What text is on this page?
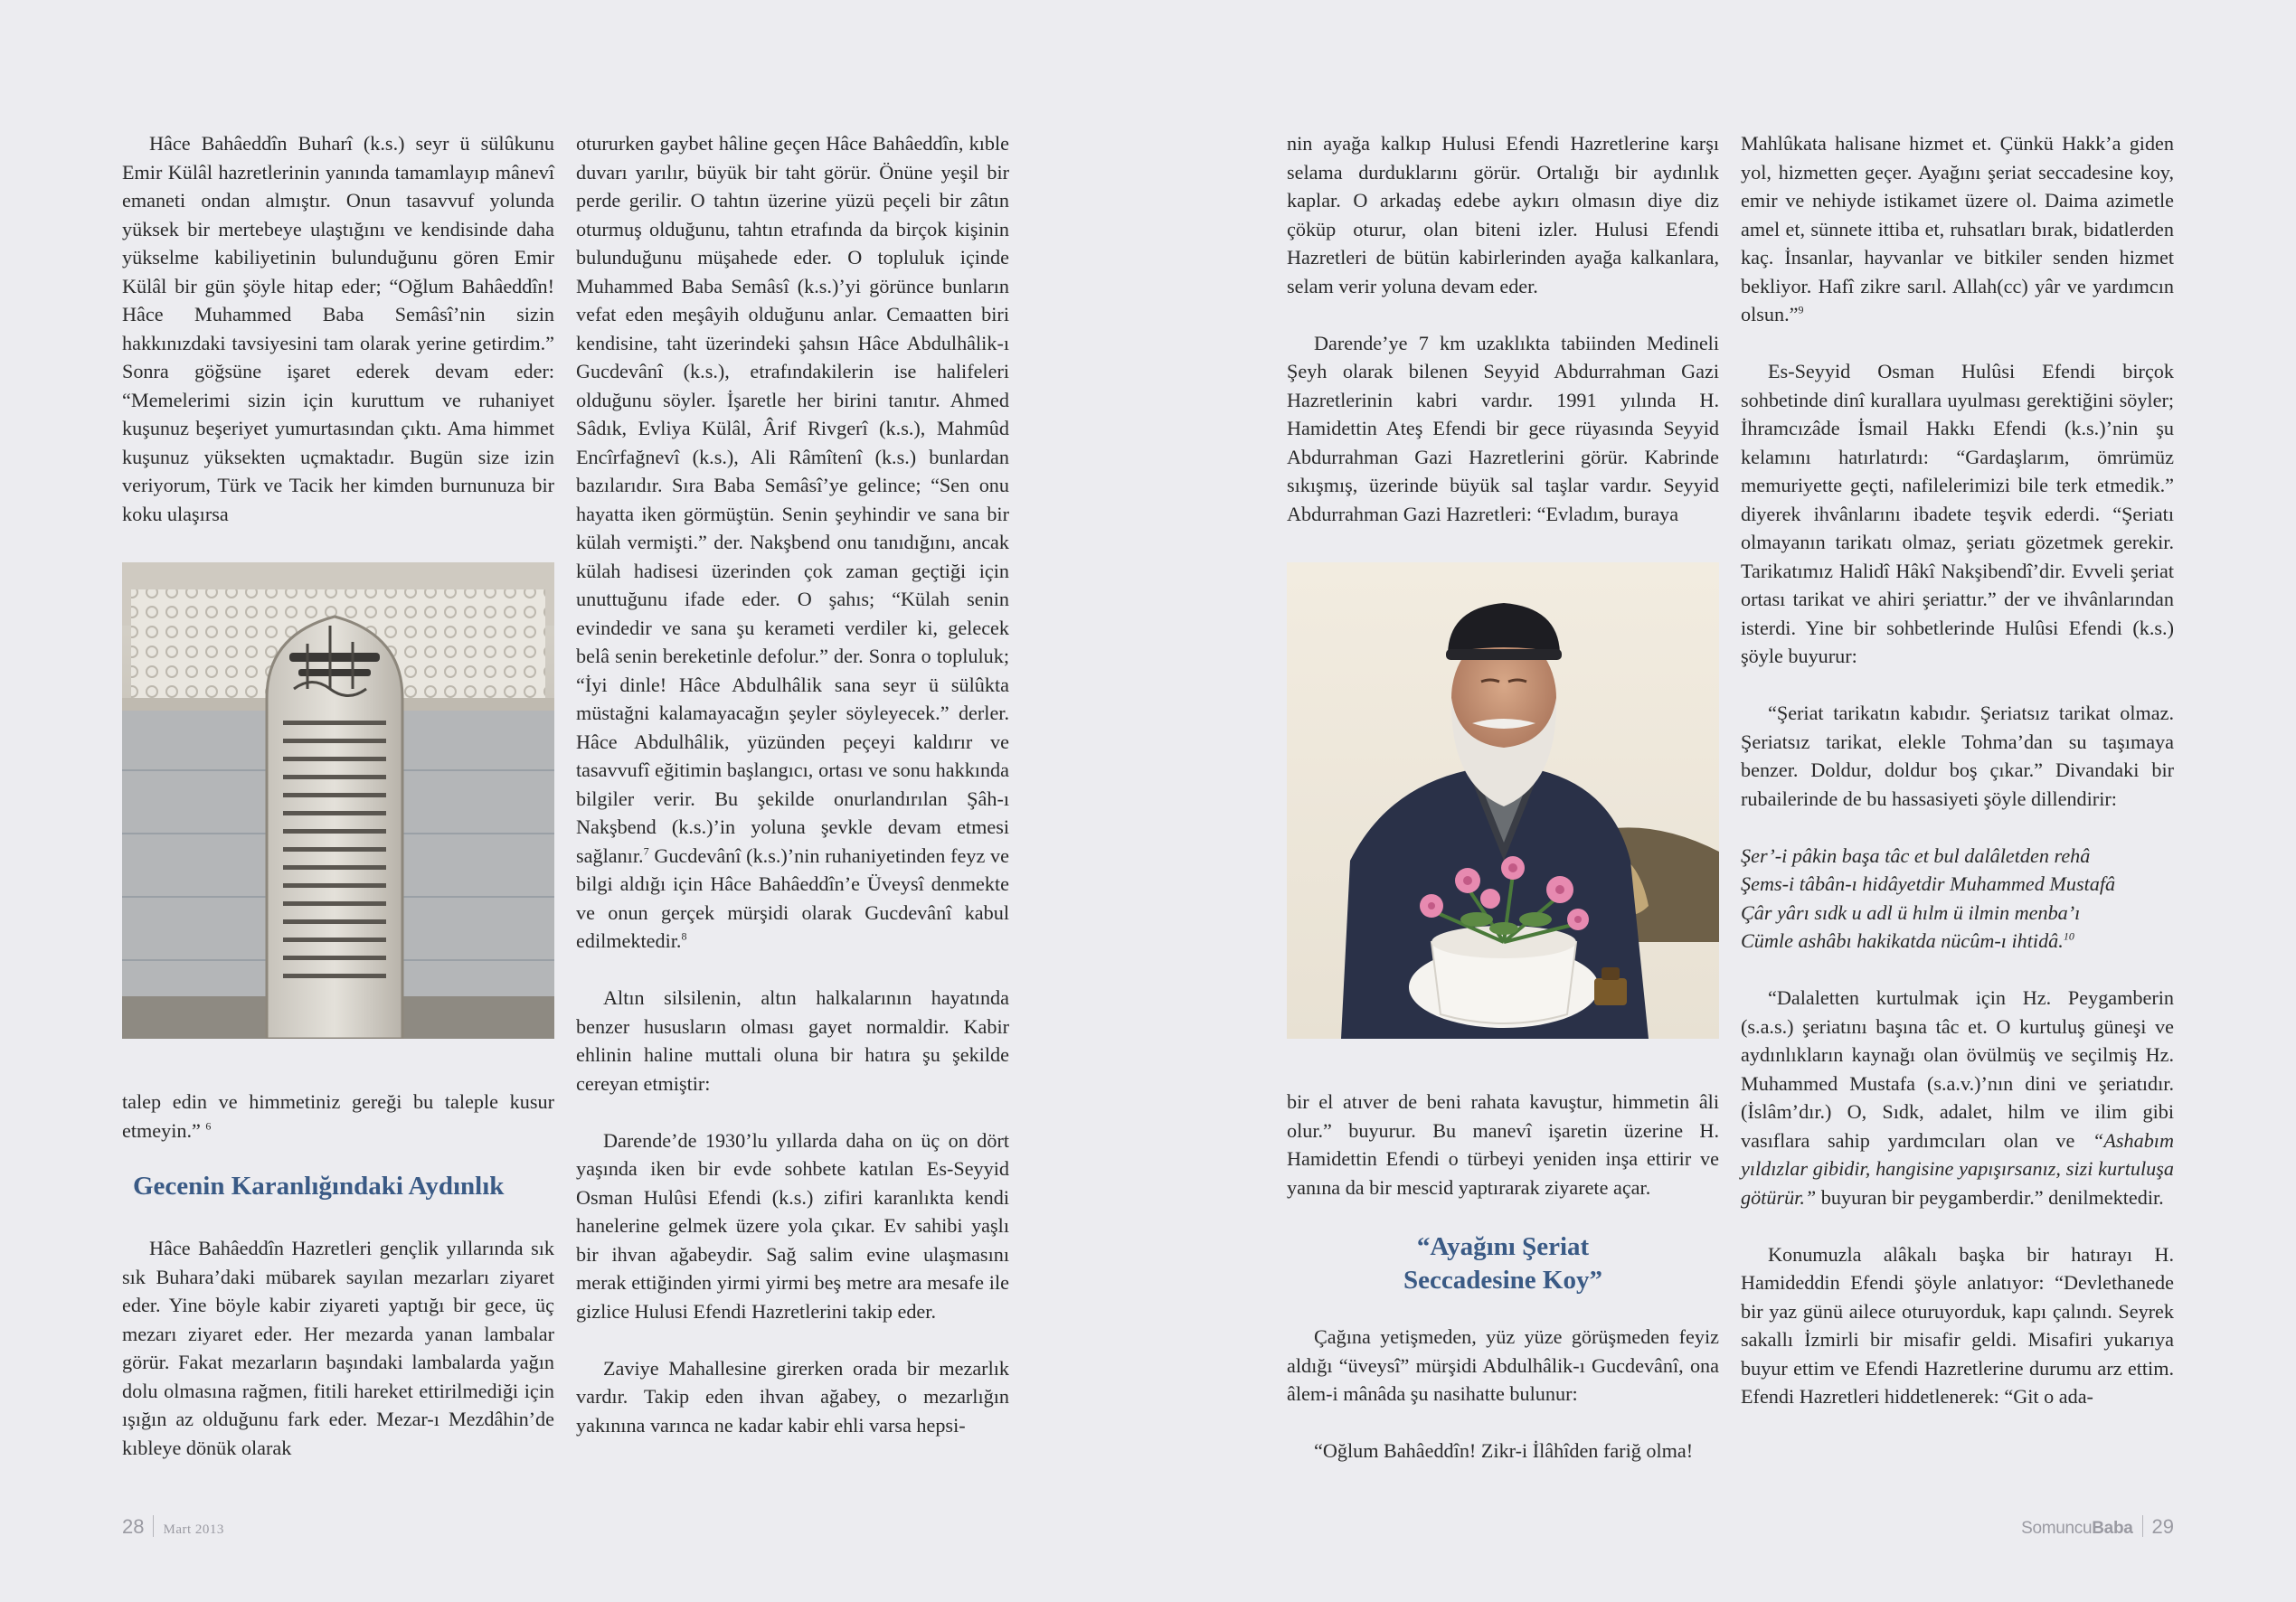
Hâce Bahâeddîn Buharî (k.s.) seyr ü sülûkunu Emir Külâl hazretlerinin yanında tamamlayıp mânevî emaneti ondan almıştır. Onun tasavvuf yolunda yüksek bir mertebeye ulaştığını ve kendisinde daha yükselme kabiliyetinin bulunduğunu gören Emir Külâl bir gün şöyle hitap eder; “Oğlum Bahâeddîn! Hâce Muhammed Baba Semâsî’nin sizin hakkınızdaki tavsiyesini tam olarak yerine getirdim.” Sonra göğsüne işaret ederek devam eder: “Memelerimi sizin için kuruttum ve ruhaniyet kuşunuz beşeriyet yumurtasından çıktı. Ama himmet kuşunuz yüksekten uçmaktadır. Bugün size izin veriyorum, Türk ve Tacik her kimden burnunuza bir koku ulaşırsa

talep edin ve himmetiniz gereği bu taleple kusur etmeyin.” $^6$

Gecenin Karanlığındaki Aydınlık

Hâce Bahâeddîn Hazretleri gençlik yıllarında sık sık Buhara’daki mübarek sayılan mezarları ziyaret eder. Yine böyle kabir ziyareti yaptığı bir gece, üç mezarı ziyaret eder. Her mezarda yanan lambalar görür. Fakat mezarların başındaki lambalarda yağın dolu olmasına rağmen, fitili hareket ettirilmediği için ışığın az olduğunu fark eder. Mezar-ı Mezdâhin’de kıbleye dönük olarak

otururken gaybet hâline geçen Hâce Bahâeddîn, kıble duvarı yarılır, büyük bir taht görür. Önüne yeşil bir perde gerilir. O tahtın üzerine yüzü peçeli bir zâtın oturmuş olduğunu, tahtın etrafında da birçok kişinin bulunduğunu müşahede eder. O topluluk içinde Muhammed Baba Semâsî (k.s.)’yi görünce bunların vefat eden meşâyih olduğunu anlar. Cemaatten biri kendisine, taht üzerindeki şahsın Hâce Abdulhâlik-ı Gucdevânî (k.s.), etrafındakilerin ise halifeleri olduğunu söyler. İşaretle her birini tanıtır. Ahmed Sâdık, Evliya Külâl, Ârif Rivgerî (k.s.), Mahmûd Encîrfağnevî (k.s.), Ali Râmîtenî (k.s.) bunlardan bazılarıdır. Sıra Baba Semâsî’ye gelince; “Sen onu hayatta iken görmüştün. Senin şeyhindir ve sana bir külah vermişti.” der. Nakşbend onu tanıdığını, ancak külah hadisesi üzerinden çok zaman geçtiği için unuttuğunu ifade eder. O şahıs; “Külah senin evindedir ve sana şu kerameti verdiler ki, gelecek belâ senin bereketinle defolur.” der. Sonra o topluluk; “İyi dinle! Hâce Abdulhâlik sana seyr ü sülûkta müstağni kalamayacağın şeyler söyleyecek.” derler. Hâce Abdulhâlik, yüzünden peçeyi kaldırır ve tasavvufî eğitimin başlangıcı, ortası ve sonu hakkında bilgiler verir. Bu şekilde onurlandırılan Şâh-ı Nakşbend (k.s.)’in yoluna şevkle devam etmesi sağlanır.$^7$ Gucdevânî (k.s.)’nin ruhaniyetinden feyz ve bilgi aldığı için Hâce Bahâeddîn’e Üveysî denmekte ve onun gerçek mürşidi olarak Gucdevânî kabul edilmektedir.$^8$

Altın silsilenin, altın halkalarının hayatında benzer hususların olması gayet normaldir. Kabir ehlinin haline muttali oluna bir hatıra şu şekilde cereyan etmiştir:

Darende’de 1930’lu yıllarda daha on üç on dört yaşında iken bir evde sohbete katılan Es-Seyyid Osman Hulûsi Efendi (k.s.) zifiri karanlıkta kendi hanelerine gelmek üzere yola çıkar. Ev sahibi yaşlı bir ihvan ağabeydir. Sağ salim evine ulaşmasını merak ettiğinden yirmi yirmi beş metre ara mesafe ile gizlice Hulusi Efendi Hazretlerini takip eder.

Zaviye Mahallesine girerken orada bir mezarlık vardır. Takip eden ihvan ağabey, o mezarlığın yakınına varınca ne kadar kabir ehli varsa hepsi-

28 Mart 2013

nin ayağa kalkıp Hulusi Efendi Hazretlerine karşı selama durduklarını görür. Ortalığı bir aydınlık kaplar. O arkadaş edebe aykırı olmasın diye diz çöküp oturur, olan biteni izler. Hulusi Efendi Hazretleri de bütün kabirlerinden ayağa kalkanlara, selam verir yoluna devam eder.

Darende’ye 7 km uzaklıkta tabiinden Medineli Şeyh olarak bilenen Seyyid Abdurrahman Gazi Hazretlerinin kabri vardır. 1991 yılında H. Hamidettin Ateş Efendi bir gece rüyasında Seyyid Abdurrahman Gazi Hazretlerini görür. Kabrinde sıkışmış, üzerinde büyük sal taşlar vardır. Seyyid Abdurrahman Gazi Hazretleri: “Evladım, buraya

bir el atıver de beni rahata kavuştur, himmetin âli olur.” buyurur. Bu manevî işaretin üzerine H. Hamidettin Efendi o türbeyi yeniden inşa ettirir ve yanına da bir mescid yaptırarak ziyarete açar.

“Ayağını Şeriat
Seccadesine Koy”

Çağına yetişmeden, yüz yüze görüşmeden feyiz aldığı “üveysî” mürşidi Abdulhâlik-ı Gucdevânî, ona âlem-i mânâda şu nasihatte bulunur:

“Oğlum Bahâeddîn! Zikr-i İlâhîden fariğ olma!

Mahlûkata halisane hizmet et. Çünkü Hakk’a giden yol, hizmetten geçer. Ayağını şeriat seccadesine koy, emir ve nehiyde istikamet üzere ol. Daima azimetle amel et, sünnete ittiba et, ruhsatları bırak, bidatlerden kaç. İnsanlar, hayvanlar ve bitkiler senden hizmet bekliyor. Hafî zikre sarıl. Allah(cc) yâr ve yardımcın olsun.”$^9$

Es-Seyyid Osman Hulûsi Efendi birçok sohbetinde dinî kurallara uyulması gerektiğini söyler; İhramcızâde İsmail Hakkı Efendi (k.s.)’nin şu kelamını hatırlatırdı: “Gardaşlarım, ömrümüz memuriyette geçti, nafilelerimizi bile terk etmedik.” diyerek ihvânlarını ibadete teşvik ederdi. “Şeriatı olmayanın tarikatı olmaz, şeriatı gözetmek gerekir. Tarikatımız Halidî Hâkî Nakşibendî’dir. Evveli şeriat ortası tarikat ve ahiri şeriattır.” der ve ihvânlarından isterdi. Yine bir sohbetlerinde Hulûsi Efendi (k.s.) şöyle buyurur:

“Şeriat tarikatın kabıdır. Şeriatsız tarikat olmaz. Şeriatsız tarikat, elekle Tohma’dan su taşımaya benzer. Doldur, doldur boş çıkar.” Divandaki bir rubailerinde de bu hassasiyeti şöyle dillendirir:

Şer’-i pâkin başa tâc et bul dalâletden rehâ

Şems-i tâbân-ı hidâyetdir Muhammed Mustafâ

Çâr yârı sıdk u adl ü hılm ü ilmin menba’ı

Cümle ashâbı hakikatda nücûm-ı ihtidâ.$^{10}$

“Dalaletten kurtulmak için Hz. Peygamberin (s.a.s.) şeriatını başına tâc et. O kurtuluş güneşi ve aydınlıkların kaynağı olan övülmüş ve seçilmiş Hz. Muhammed Mustafa (s.a.v.)’nın dini ve şeriatıdır. (İslâm’dır.) O, Sıdk, adalet, hilm ve ilim gibi vasıflara sahip yardımcıları olan ve “Ashabım yıldızlar gibidir, hangisine yapışırsanız, sizi kurtuluşa götürür.” buyuran bir peygamberdir.” denilmektedir.

Konumuzla alâkalı başka bir hatırayı H. Hamideddin Efendi şöyle anlatıyor: “Devlethanede bir yaz günü ailece oturuyorduk, kapı çalındı. Seyrek sakallı İzmirli bir misafir geldi. Misafiri yukarıya buyur ettim ve Efendi Hazretlerine durumu arz ettim. Efendi Hazretleri hiddetlenerek: “Git o ada-

SomuncuBaba 29
